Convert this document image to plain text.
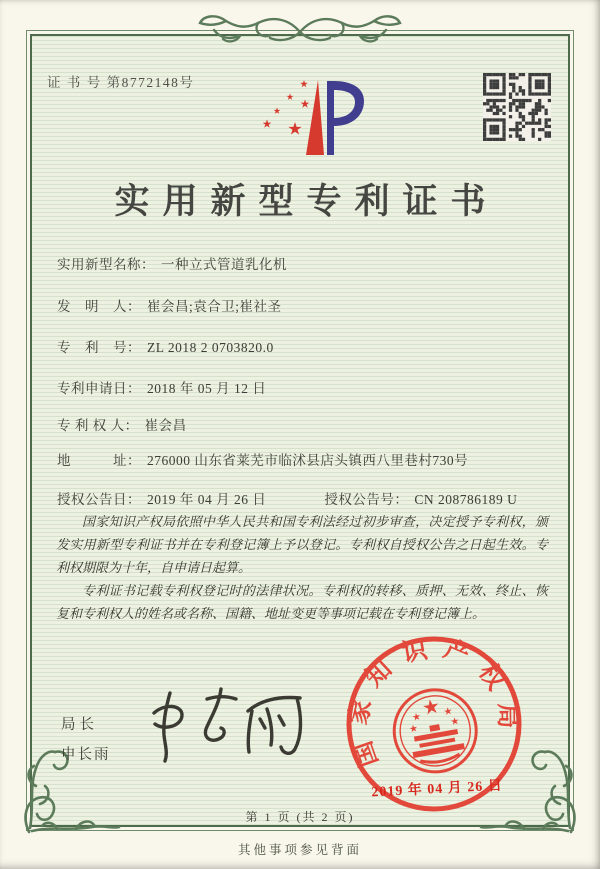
证 书 号 第8772148号
实用新型专利证书
实用新型名称： 一种立式管道乳化机
发　明　人： 崔会昌;袁合卫;崔社圣
专　利　号： ZL 2018 2 0703820.0
专利申请日： 2018 年 05 月 12 日
专 利 权 人： 崔会昌
地　　　址： 276000 山东省莱芜市临沭县店头镇西八里巷村730号
授权公告日： 2019 年 04 月 26 日	授权公告号： CN 208786189 U

国家知识产权局依照中华人民共和国专利法经过初步审查，决定授予专利权，颁发实用新型专利证书并在专利登记簿上予以登记。专利权自授权公告之日起生效。专利权期限为十年，自申请日起算。

专利证书记载专利权登记时的法律状况。专利权的转移、质押、无效、终止、恢复和专利权人的姓名或名称、国籍、地址变更等事项记载在专利登记簿上。

局长
申长雨	国家知识产权局
2019 年 04 月 26 日
第 1 页 (共 2 页)
其他事项参见背面
